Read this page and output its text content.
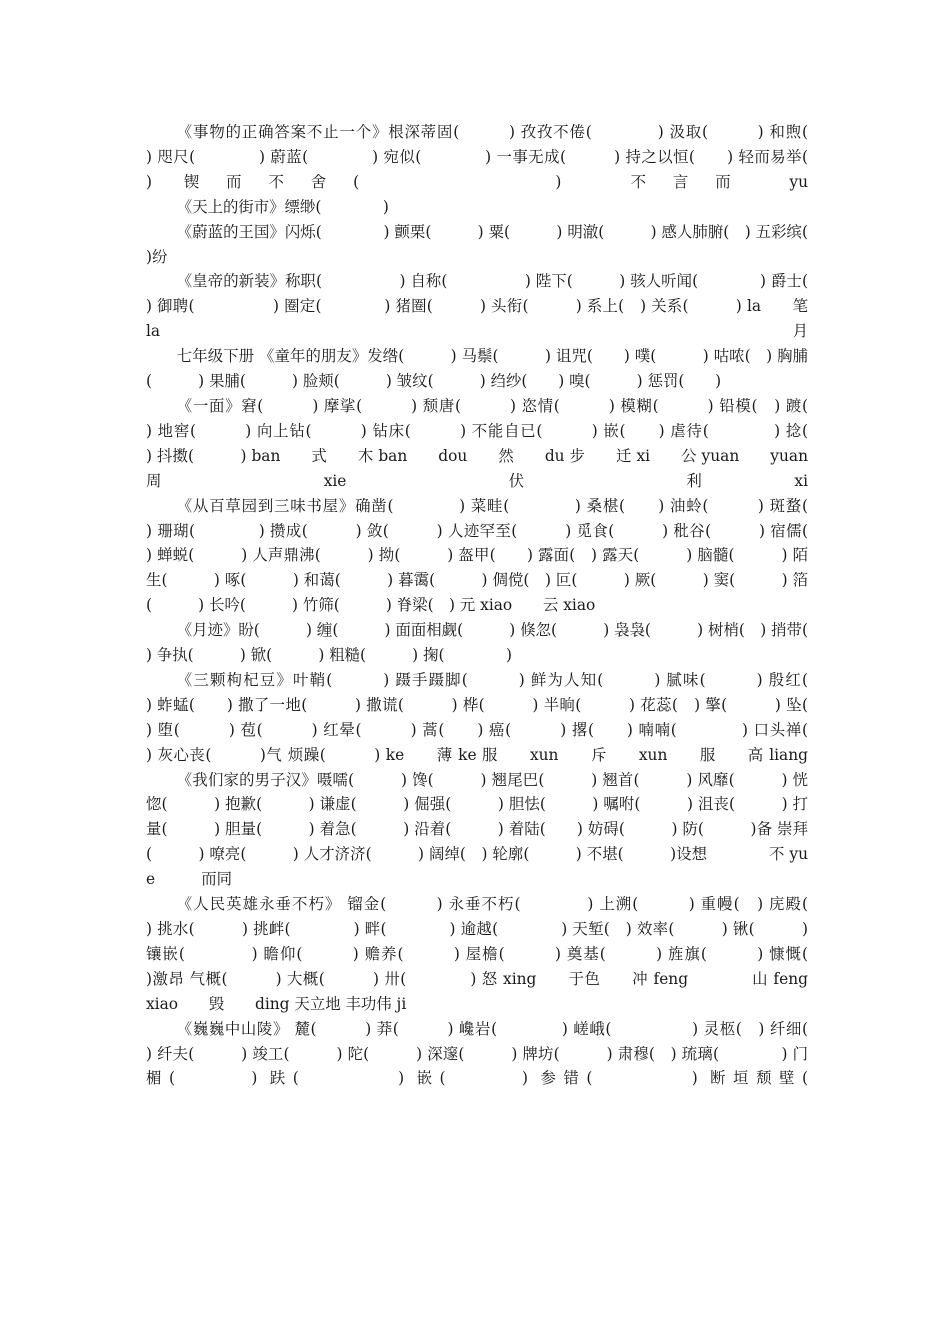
《事物的正确答案不止一个》根深蒂固(　　　) 孜孜不倦(　　　　) 汲取(　　　) 和煦(　　　　) 咫尺(　　　　) 蔚蓝(　　　　) 宛似(　　　　) 一事无成(　　　) 持之以恒(　　) 轻而易举(　　　　) 锲而不舍(　　　　)　不言而 yu

《天上的街市》缥缈(　　　　)

《蔚蓝的王国》闪烁(　　　　) 颤栗(　　　) 粟(　　　) 明澈(　　　) 感人肺腑(　) 五彩缤(　　　　)纷

《皇帝的新装》称职(　　　　　) 自称(　　　　　) 陛下(　　　) 骇人听闻(　　　　) 爵士(　　　) 御聘(　　　　　) 圈定(　　　　) 猪圈(　　　) 头衔(　　　) 系上(　) 关系(　　　) la　　笔　　la　　月

七年级下册 《童年的朋友》发绺(　　　) 马鬃(　　　) 诅咒(　　) 噗(　　　) 咕哝(　) 胸脯(　　　) 果脯(　　　) 脸颊(　　　) 皱纹(　　　) 绉纱(　　) 嗅(　　　) 惩罚(　　)

《一面》窘(　　　) 摩挲(　　　) 颓唐(　　　) 恣情(　　　) 模糊(　　　) 铅模(　) 踱(　　　) 地窖(　　　) 向上钻(　　　) 钻床(　　　) 不能自已(　　　) 嵌(　　) 虐待(　　　　) 捻(　　　) 抖擞(　　　) ban　　式　　木 ban　　dou　　然　　du 步　　迁 xi　　公 yuan　　yuan　　周　　xie　　伏　　利 xi

《从百草园到三味书屋》确凿(　　　　) 菜畦(　　　　) 桑椹(　　) 油蛉(　　　) 斑蝥(　　　) 珊瑚(　　　　) 攒成(　　　) 敛(　　　) 人迹罕至(　　　) 觅食(　　　) 秕谷(　　　) 宿儒(　　) 蝉蜕(　　　) 人声鼎沸(　　　) 拗(　　　) 盔甲(　　) 露面(　) 露天(　　　) 脑髓(　　　) 陌生(　　　) 啄(　　　) 和蔼(　　　) 暮霭(　　　) 倜傥(　) 叵(　　　) 厥(　　　) 窦(　　　) 箔(　　　) 长吟(　　　) 竹筛(　　　) 脊梁(　) 元 xiao　　云 xiao

《月迹》盼(　　　) 缠(　　　) 面面相觑(　　　) 倏忽(　　　) 袅袅(　　　) 树梢(　) 捎带(　　　) 争执(　　　) 锨(　　　) 粗糙(　　　) 掬(　　　　)

《三颗枸杞豆》叶鞘(　　　) 蹑手蹑脚(　　　) 鲜为人知(　　　) 腻味(　　　) 殷红(　　　) 蚱蜢(　　) 撒了一地(　　　) 撒谎(　　　) 桦(　　　) 半晌(　　　) 花蕊(　) 擎(　　　) 坠(　　　) 堕(　　　) 苞(　　　) 红晕(　　　) 蒿(　　) 癌(　　　) 撂(　　) 喃喃(　　　　) 口头禅(　　　　) 灰心丧(　　　)气 烦躁(　　　) ke　　薄 ke 服　　xun　　斥　　xun　　服　　高 liang

《我们家的男子汉》嗫嚅(　　　) 馋(　　　) 翘尾巴(　　　) 翘首(　　　) 风靡(　　　) 恍惚(　　　) 抱歉(　　　) 谦虚(　　　) 倔强(　　　) 胆怯(　　　) 嘱咐(　　　) 沮丧(　　　) 打量(　　　) 胆量(　　　) 着急(　　　) 沿着(　　　) 着陆(　　) 妨碍(　　　) 防(　　　)备 崇拜(　　　) 嘹亮(　　　) 人才济济(　　　) 阔绰(　) 轮廓(　　　) 不堪(　　　)设想　　　　不 yue　　　而同

《人民英雄永垂不朽》 镏金(　　　) 永垂不朽(　　　　) 上溯(　　　) 重幔(　) 庑殿(　　　) 挑水(　　　) 挑衅(　　　　) 畔(　　　　) 逾越(　　　　) 天堑(　) 效率(　　　) 锹(　　　) 镶嵌(　　　　) 瞻仰(　　　) 赡养(　　　) 屋檐(　　　) 奠基(　　　) 旌旗(　　　) 慷慨(　　　)激昂 气概(　　　) 大概(　　　) 卅(　　　　) 怒 xing　　于色　　冲 feng　　　　山 feng　　　　　xiao　　毁　　ding 天立地 丰功伟 ji

《巍巍中山陵》 麓(　　　) 莽(　　　) 巉岩(　　　　) 嵯峨(　　　　　) 灵柩(　) 纤细(　　　) 纤夫(　　　) 竣工(　　　) 陀(　　　) 深邃(　　　) 牌坊(　　　) 肃穆(　) 琉璃(　　　　) 门楣(　　　) 趺(　　　　) 嵌(　　　) 参错(　　　　) 断垣颓壁(
